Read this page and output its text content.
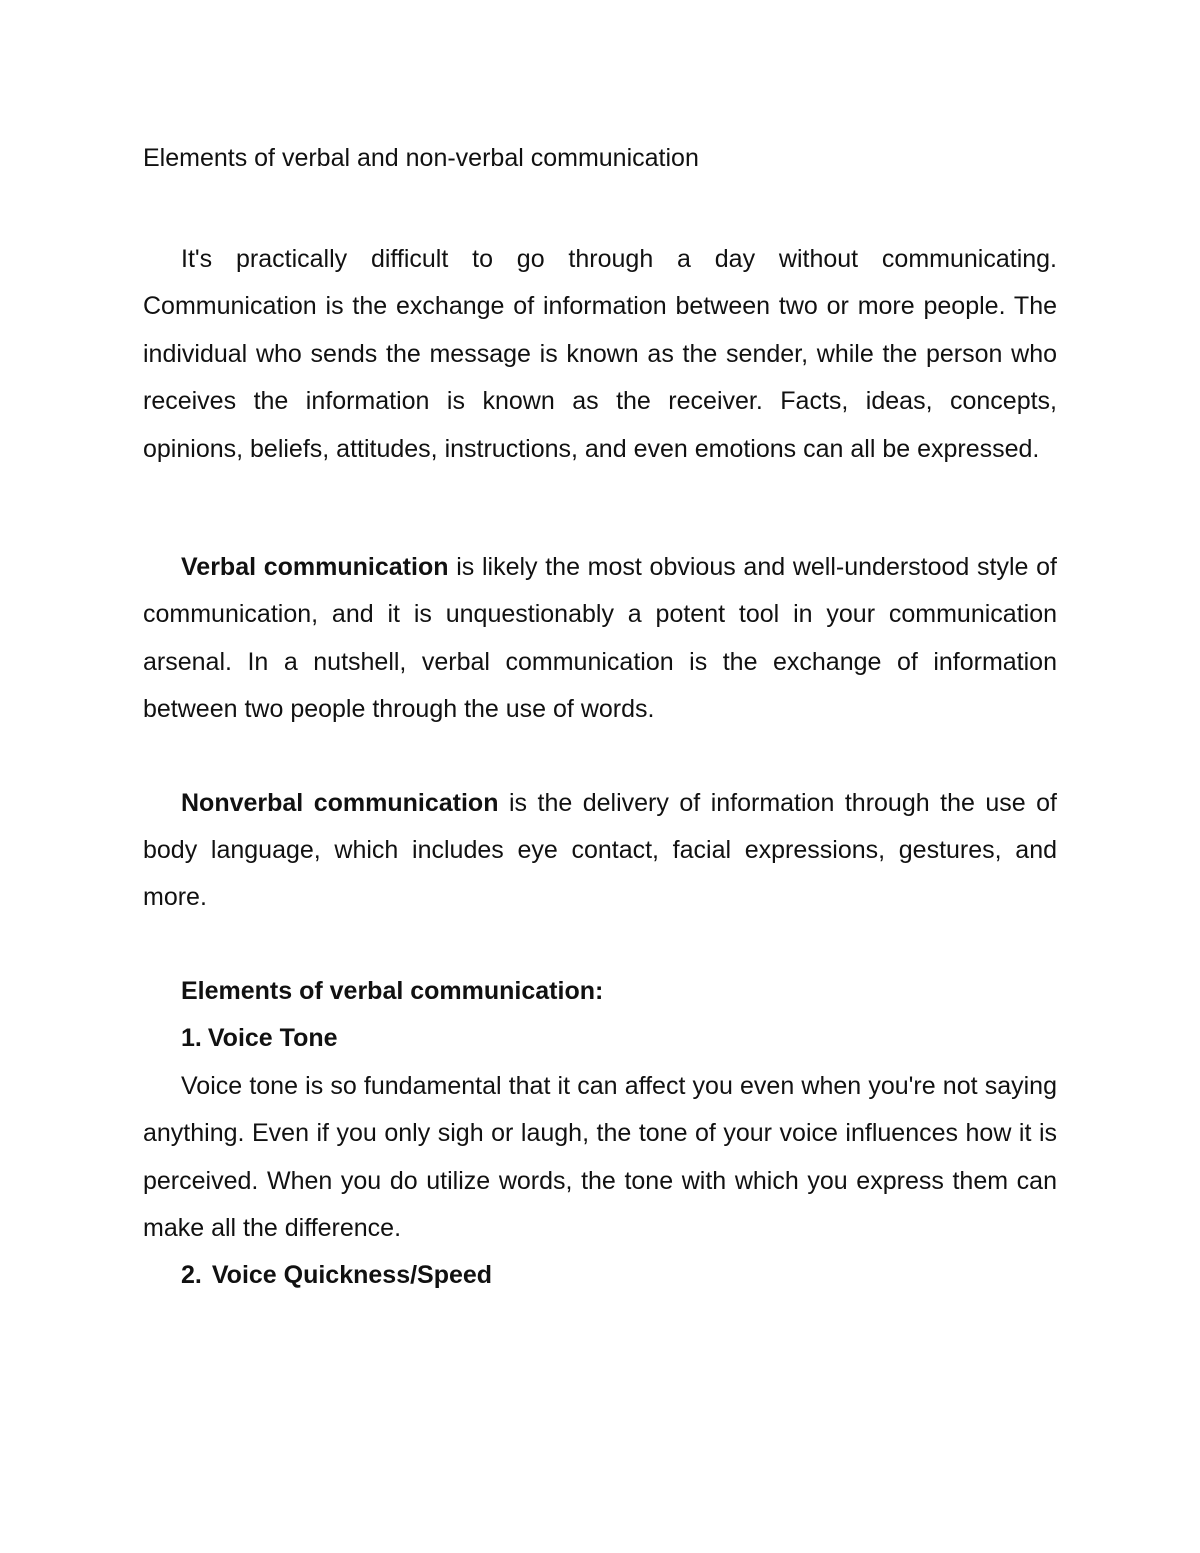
Elements of verbal and non-verbal communication

It's practically difficult to go through a day without communicating. Communication is the exchange of information between two or more people. The individual who sends the message is known as the sender, while the person who receives the information is known as the receiver. Facts, ideas, concepts, opinions, beliefs, attitudes, instructions, and even emotions can all be expressed.

Verbal communication is likely the most obvious and well-understood style of communication, and it is unquestionably a potent tool in your communication arsenal. In a nutshell, verbal communication is the exchange of information between two people through the use of words.

Nonverbal communication is the delivery of information through the use of body language, which includes eye contact, facial expressions, gestures, and more.

Elements of verbal communication:
1. Voice Tone

Voice tone is so fundamental that it can affect you even when you're not saying anything. Even if you only sigh or laugh, the tone of your voice influences how it is perceived. When you do utilize words, the tone with which you express them can make all the difference.

2. Voice Quickness/Speed
